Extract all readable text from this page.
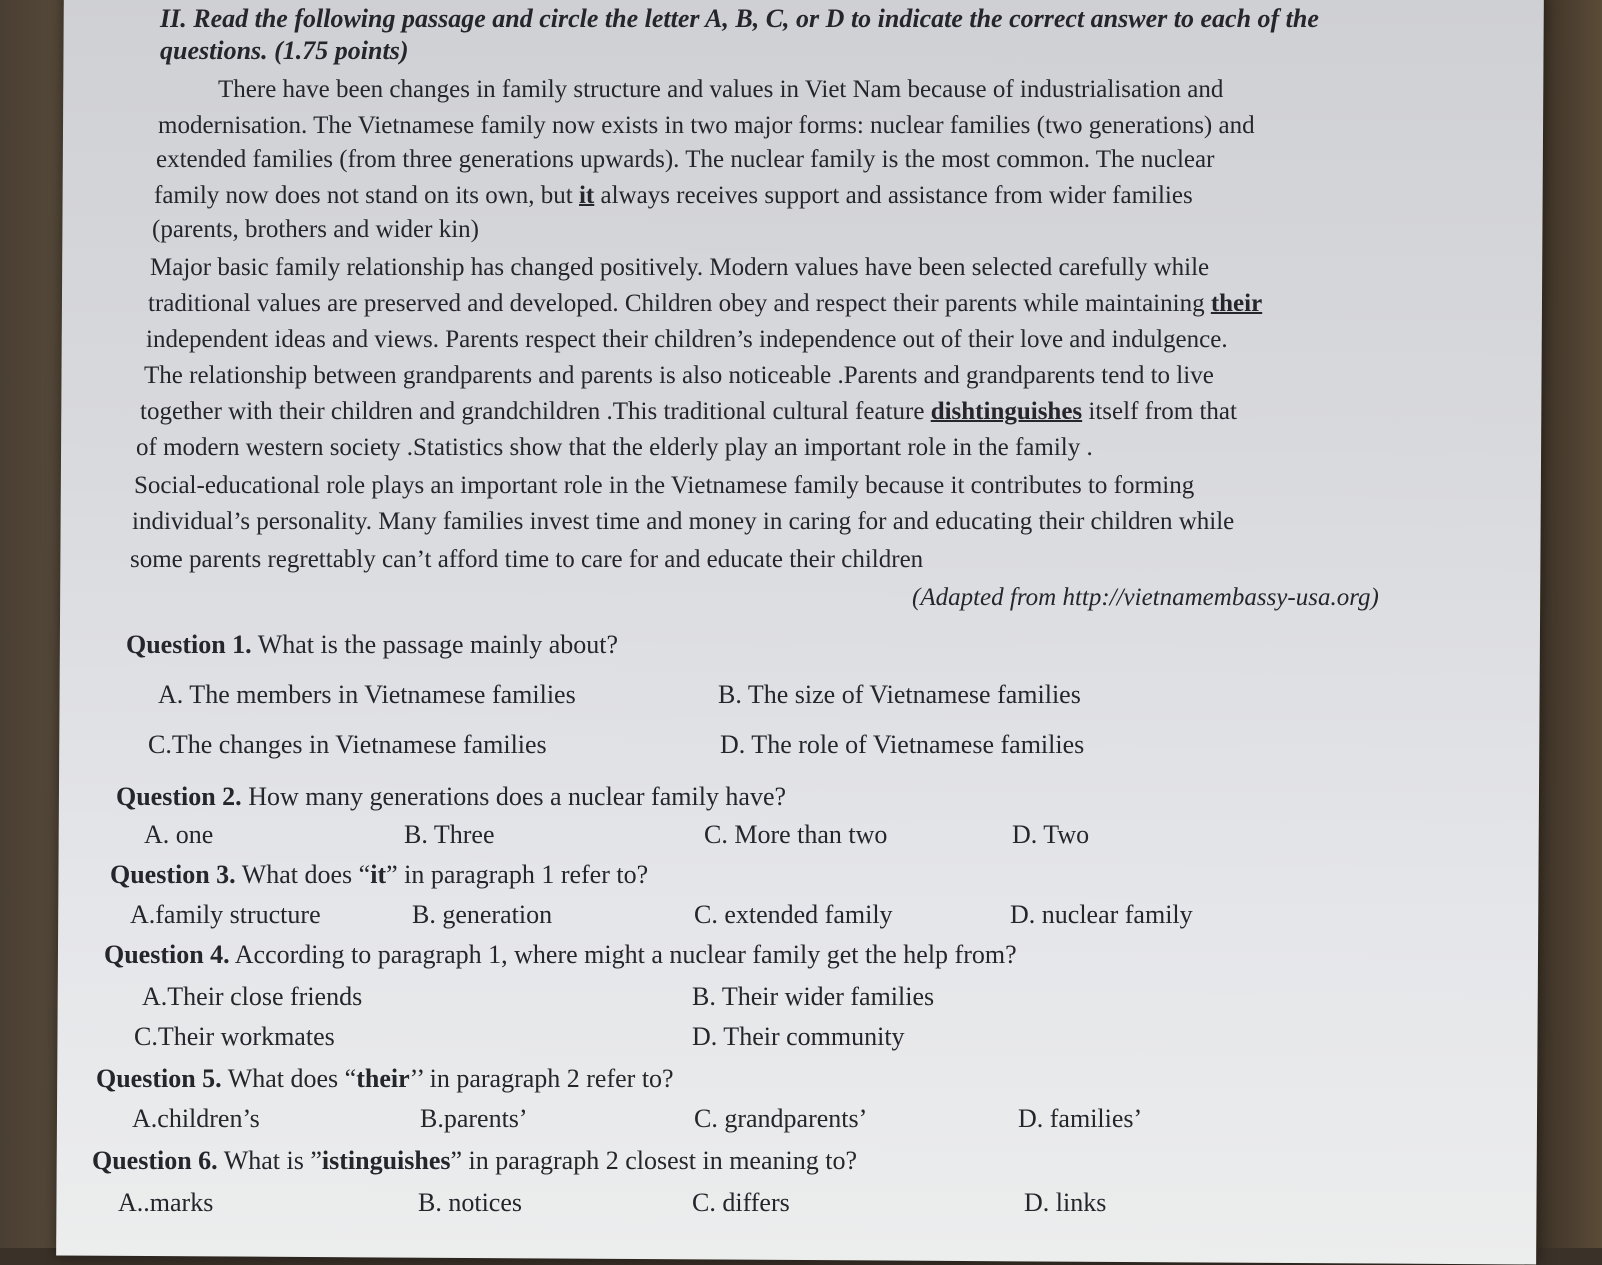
II. Read the following passage and circle the letter A, B, C, or D to indicate the correct answer to each of the
questions. (1.75 points)
There have been changes in family structure and values in Viet Nam because of industrialisation and
modernisation. The Vietnamese family now exists in two major forms: nuclear families (two generations) and
extended families (from three generations upwards). The nuclear family is the most common. The nuclear
family now does not stand on its own, but it always receives support and assistance from wider families
(parents, brothers and wider kin)
Major basic family relationship has changed positively. Modern values have been selected carefully while
traditional values are preserved and developed. Children obey and respect their parents while maintaining their
independent ideas and views. Parents respect their children’s independence out of their love and indulgence.
The relationship between grandparents and parents is also noticeable .Parents and grandparents tend to live
together with their children and grandchildren .This traditional cultural feature dishtinguishes itself from that
of modern western society .Statistics show that the elderly play an important role in the family .
Social-educational role plays an important role in the Vietnamese family because it contributes to forming
individual’s personality. Many families invest time and money in caring for and educating their children while
some parents regrettably can’t afford time to care for and educate their children
(Adapted from http://vietnamembassy-usa.org)
Question 1. What is the passage mainly about?
A. The members in Vietnamese families	B. The size of Vietnamese families
C.The changes in Vietnamese families	D. The role of Vietnamese families
Question 2. How many generations does a nuclear family have?
A. one	B. Three	C. More than two	D. Two
Question 3. What does “it” in paragraph 1 refer to?
A.family structure	B. generation	C. extended family	D. nuclear family
Question 4. According to paragraph 1, where might a nuclear family get the help from?
A.Their close friends	B. Their wider families
C.Their workmates	D. Their community
Question 5. What does “their’’ in paragraph 2 refer to?
A.children’s	B.parents’	C. grandparents’	D. families’
Question 6. What is ”istinguishes” in paragraph 2 closest in meaning to?
A..marks	B. notices	C. differs	D. links
